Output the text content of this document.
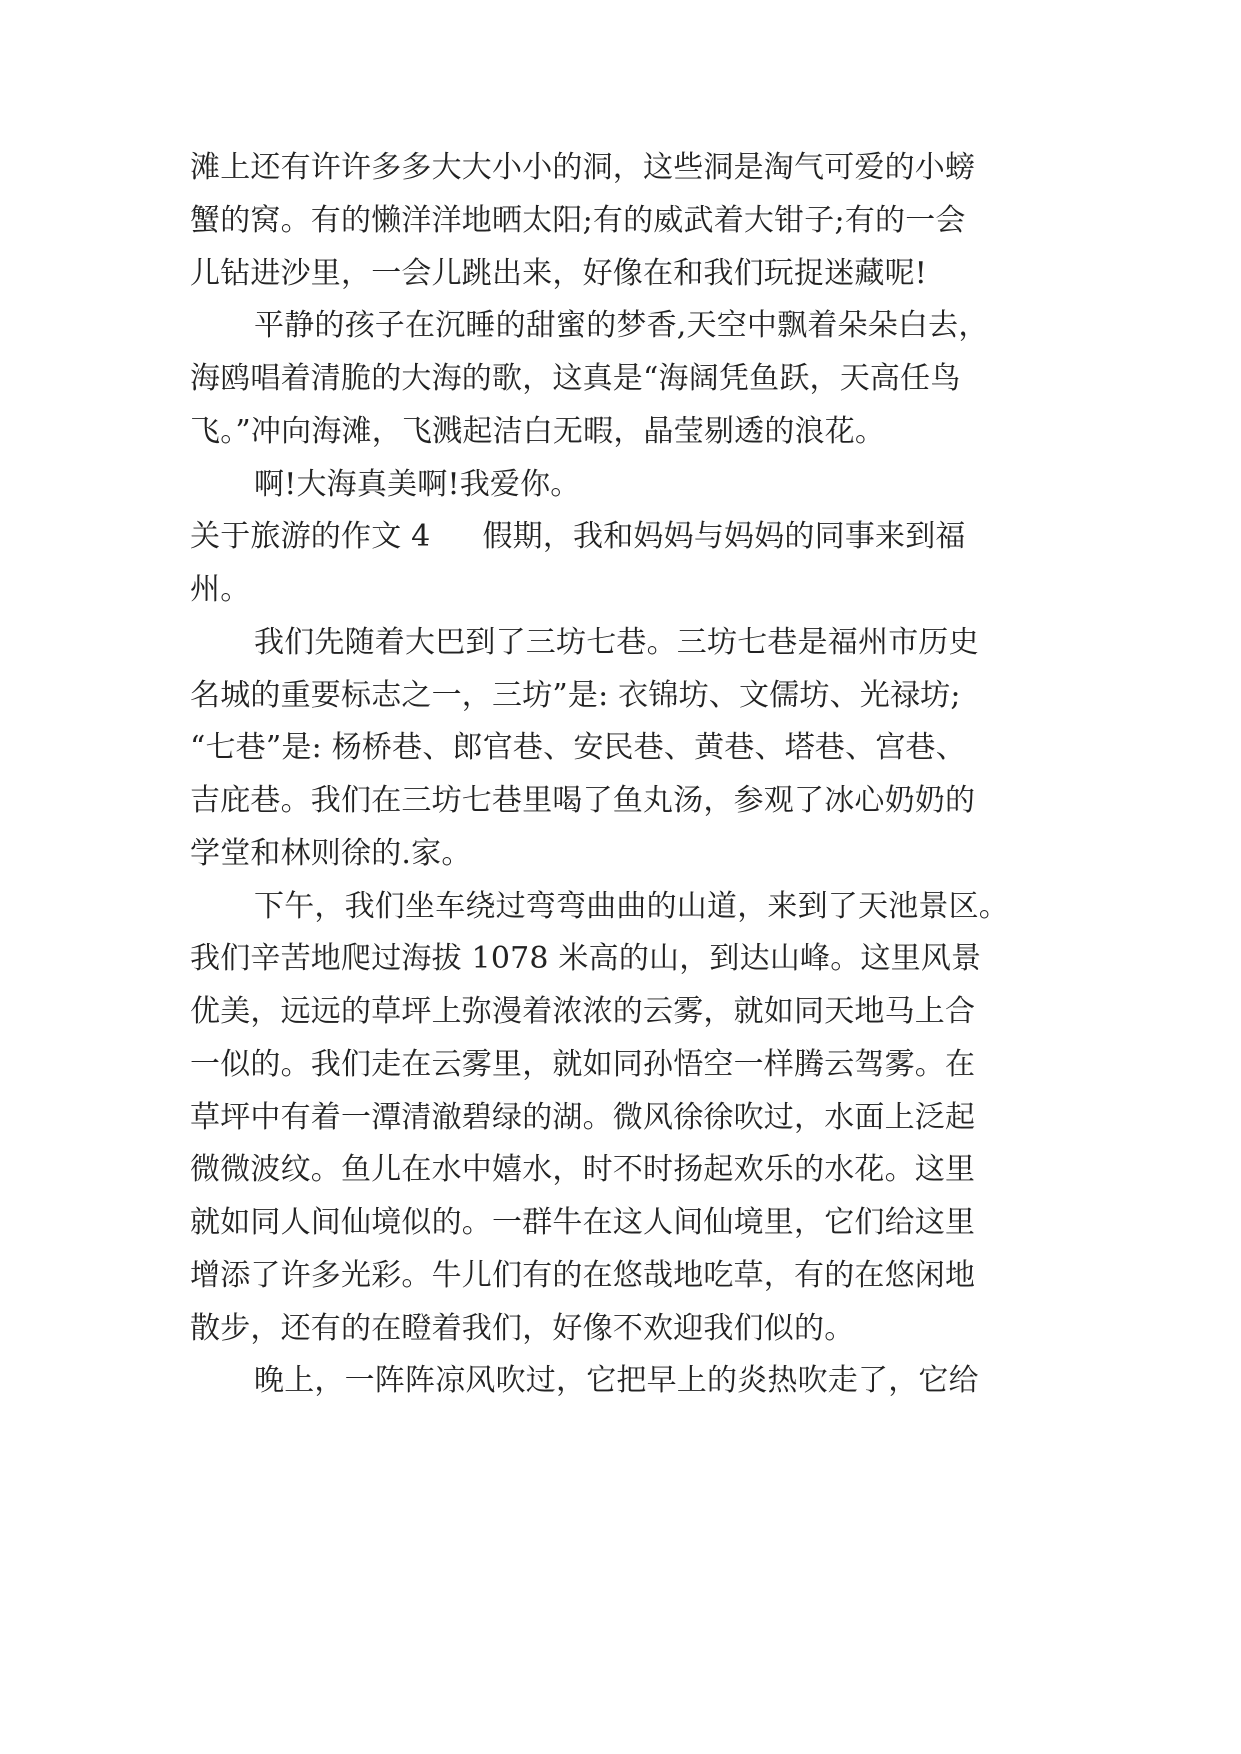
滩上还有许许多多大大小小的洞，这些洞是淘气可爱的小螃
蟹的窝。有的懒洋洋地晒太阳;有的威武着大钳子;有的一会
儿钻进沙里，一会儿跳出来，好像在和我们玩捉迷藏呢!
平静的孩子在沉睡的甜蜜的梦香,天空中飘着朵朵白去，
海鸥唱着清脆的大海的歌，这真是“海阔凭鱼跃，天高任鸟
飞。”冲向海滩，飞溅起洁白无暇，晶莹剔透的浪花。
啊!大海真美啊!我爱你。
关于旅游的作文 4 假期，我和妈妈与妈妈的同事来到福
州。
我们先随着大巴到了三坊七巷。三坊七巷是福州市历史
名城的重要标志之一，三坊”是: 衣锦坊、文儒坊、光禄坊;
“七巷”是: 杨桥巷、郎官巷、安民巷、黄巷、塔巷、宫巷、
吉庇巷。我们在三坊七巷里喝了鱼丸汤，参观了冰心奶奶的
学堂和林则徐的.家。
下午，我们坐车绕过弯弯曲曲的山道，来到了天池景区。
我们辛苦地爬过海拔 1078 米高的山，到达山峰。这里风景
优美，远远的草坪上弥漫着浓浓的云雾，就如同天地马上合
一似的。我们走在云雾里，就如同孙悟空一样腾云驾雾。在
草坪中有着一潭清澈碧绿的湖。微风徐徐吹过，水面上泛起
微微波纹。鱼儿在水中嬉水，时不时扬起欢乐的水花。这里
就如同人间仙境似的。一群牛在这人间仙境里，它们给这里
增添了许多光彩。牛儿们有的在悠哉地吃草，有的在悠闲地
散步，还有的在瞪着我们，好像不欢迎我们似的。
晚上，一阵阵凉风吹过，它把早上的炎热吹走了，它给
